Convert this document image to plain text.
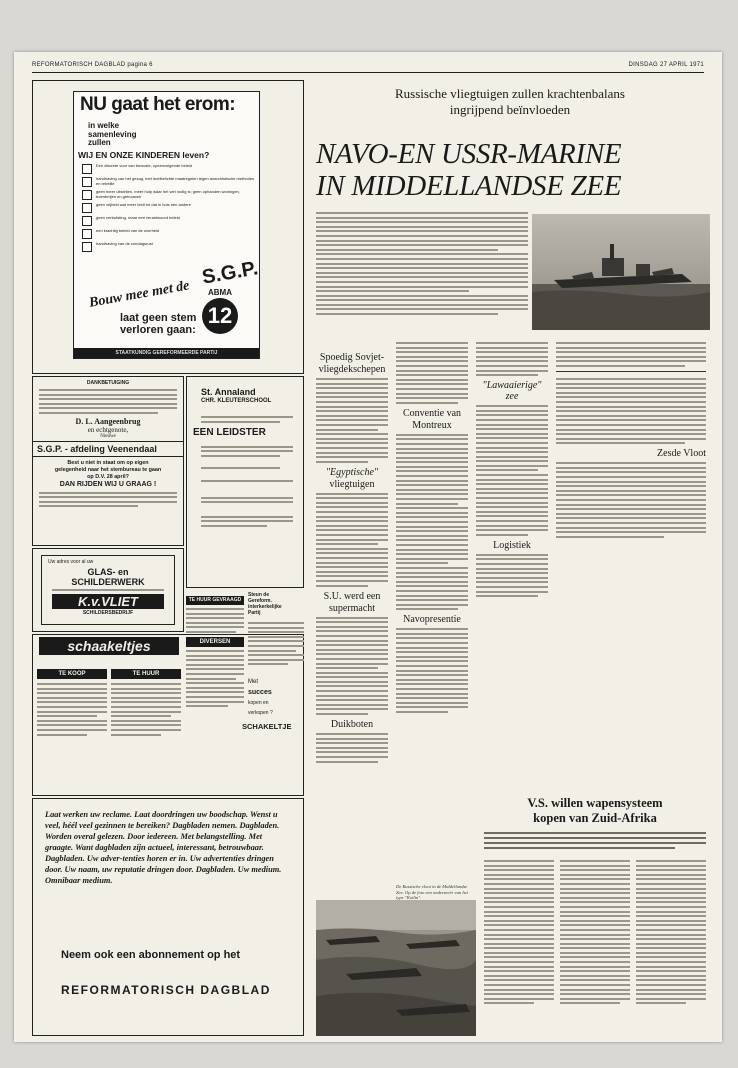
REFORMATORISCH DAGBLAD pagina 6	DINSDAG 27 APRIL 1971
NU gaat het erom:
in welke
samenleving
zullen
WIJ EN ONZE KINDEREN leven?
Een discrete voor van bewuste, opeenvolgende beleid
handhaving van het gezag, met doelbelichte maatregelen tegen anarchistische methodes en rebellie
geen meer uitstellen, meer hulp waar het wel nodig is; geen ophanden woningen, boerderijen en gebouwen
geen vrijheid wat meer leidt tot dat in huis een andere
geen verkwisting, maar een verantwoord beleid
een krachtig beleid van de overheid
handhaving van de zondagsrust
Bouw mee met de
S.G.P.
ABMA
12
laat geen stem
verloren gaan:
STAATKUNDIG GEREFORMEERDE PARTIJ
DANKBETUIGING
D. L. Aangeenbrug
en echtgenote,
Nieuwe
S.G.P. - afdeling Veenendaal
Best u niet in staat om op eigen
gelegenheid naar het stembureau te gaan
op D.V. 28 april?
DAN RIJDEN WIJ U GRAAG !
St. Annaland
CHR. KLEUTERSCHOOL
EEN LEIDSTER
Uw adres voor al uw
GLAS- en
SCHILDERWERK
K.v.VLIET
SCHILDERSBEDRIJF
schaakeltjes
TE KOOP	TE HUUR
TE HUUR GEVRAAGD
DIVERSEN
Steun de
Gereform. interkerkelijke
Partij
Met
succes
kopen en
verkopen ?
SCHAKELTJE
Laat werken uw reclame. Laat doordringen uw boodschap. Wenst u veel, héél veel gezinnen te bereiken? Dagbladen nemen. Dagbladen. Worden overal gelezen. Door iedereen. Met belangstelling. Met graagte. Want dagbladen zijn actueel, interessant, betrouwbaar. Dagbladen. Uw adver-tenties horen er in. Uw advertenties dringen door. Uw naam, uw reputatie dringen door. Dagbladen. Uw medium. Omnibaar medium.
Neem ook een abonnement op het
REFORMATORISCH DAGBLAD
Russische vliegtuigen zullen krachtenbalans
ingrijpend beïnvloeden
NAVO-EN USSR-MARINE
IN MIDDELLANDSE ZEE
Spoedig Sovjet-
vliegdekschepen
"Egyptische"
vliegtuigen
S.U. werd een
supermacht
Duikboten
Conventie van
Montreux
Navopresentie
"Lawaaierige" zee
Logistiek
Zesde Vloot
V.S. willen wapensysteem
kopen van Zuid-Afrika
De Russische vloot in de Middellandse Zee. Op de foto een onderzeeër van het type "Kotlin".
